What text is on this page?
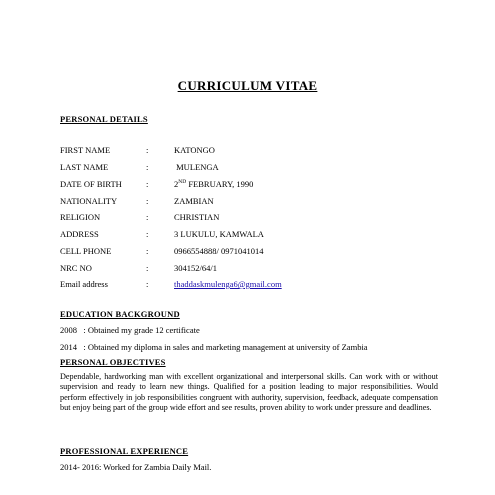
CURRICULUM VITAE
PERSONAL DETAILS
FIRST NAME	:	KATONGO
LAST NAME	:	MULENGA
DATE OF BIRTH	:	2ND FEBRUARY, 1990
NATIONALITY	:	ZAMBIAN
RELIGION	:	CHRISTIAN
ADDRESS	:	3 LUKULU, KAMWALA
CELL PHONE	:	0966554888/ 0971041014
NRC NO	:	304152/64/1
Email address	:	thaddaskmulenga6@gmail.com
EDUCATION BACKGROUND
2008   : Obtained my grade 12 certificate
2014   : Obtained my diploma in sales and marketing management at university of Zambia
PERSONAL OBJECTIVES
Dependable, hardworking man with excellent organizational and interpersonal skills. Can work with or without supervision and ready to learn new things. Qualified for a position leading to major responsibilities. Would perform effectively in job responsibilities congruent with authority, supervision, feedback, adequate compensation but enjoy being part of the group wide effort and see results, proven ability to work under pressure and deadlines.
PROFESSIONAL EXPERIENCE
2014- 2016: Worked for Zambia Daily Mail.
